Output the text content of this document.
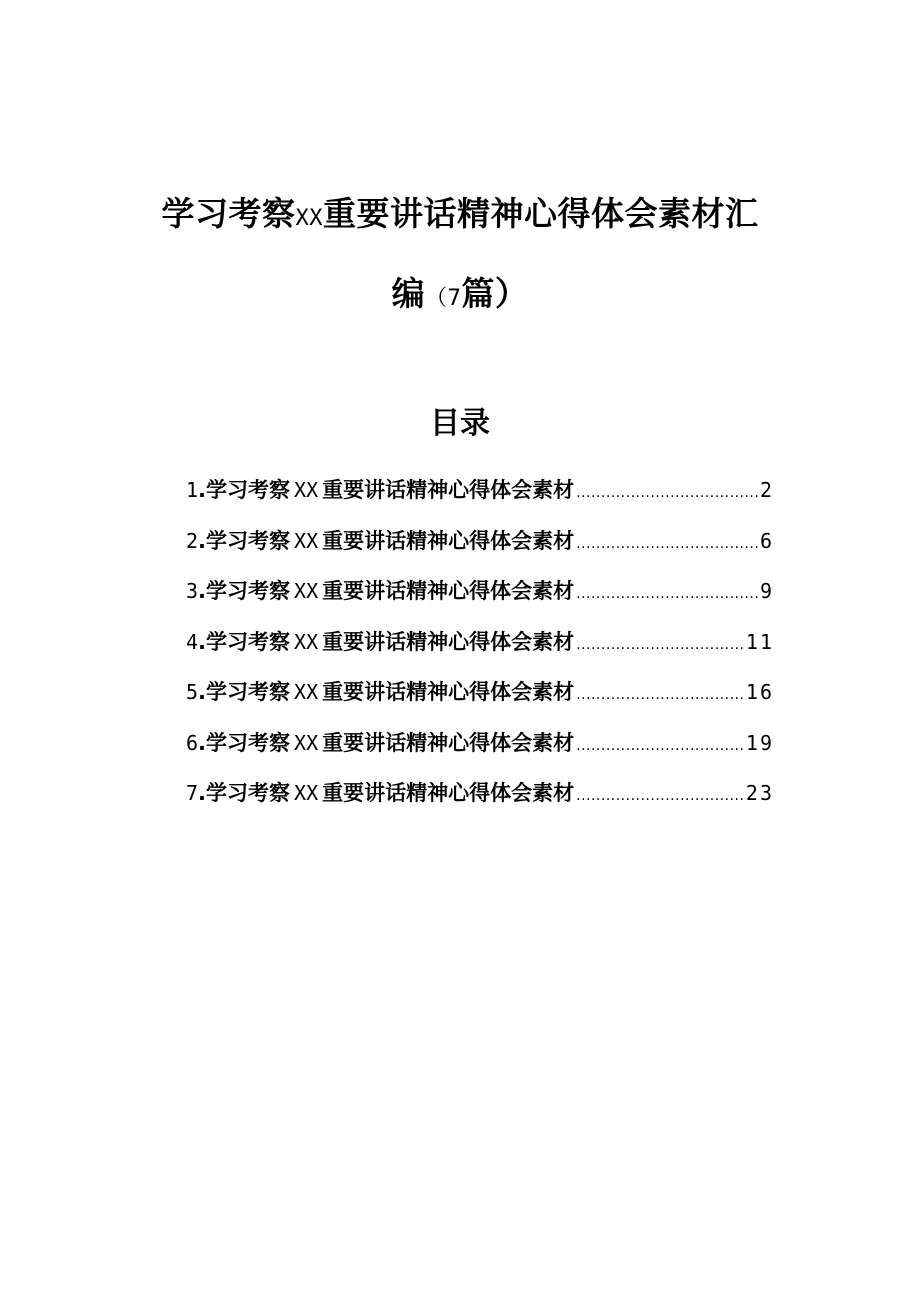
学习考察XX重要讲话精神心得体会素材汇
编（7篇）
目录
1 . 学习考察 XX 重要讲话精神心得体会素材 .....	2
2 . 学习考察 XX 重要讲话精神心得体会素材 .....	6
3 . 学习考察 XX 重要讲话精神心得体会素材 .....	9
4 . 学习考察 XX 重要讲话精神心得体会素材 .....	11
5 . 学习考察 XX 重要讲话精神心得体会素材 .....	16
6 . 学习考察 XX 重要讲话精神心得体会素材 .....	19
7 . 学习考察 XX 重要讲话精神心得体会素材 .....	23
